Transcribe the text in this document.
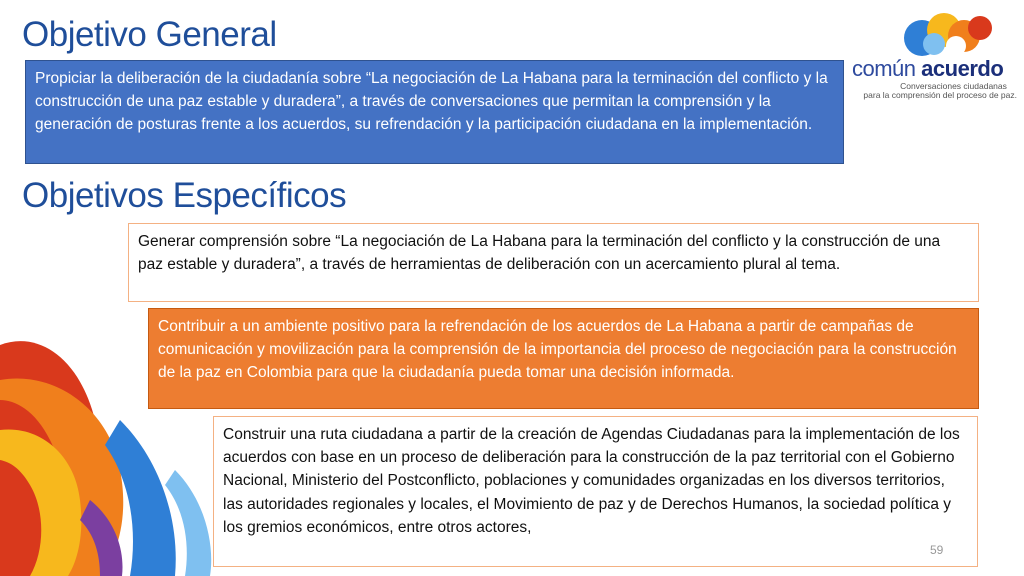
Objetivo General
Propiciar la deliberación de la ciudadanía sobre “La negociación de La Habana para la terminación del conflicto y la construcción de una paz estable y duradera”, a través de conversaciones que permitan la comprensión y la generación de posturas frente a los acuerdos, su refrendación y la participación ciudadana en la implementación.
Objetivos Específicos
Generar comprensión sobre “La negociación de La Habana para la terminación del conflicto y la construcción de una paz estable y duradera”, a través de herramientas de deliberación con un acercamiento plural al tema.
Contribuir a un ambiente positivo para la refrendación de los acuerdos de La Habana a partir de campañas de comunicación y movilización para la comprensión de la importancia del proceso de negociación para la construcción de la paz en Colombia para que la ciudadanía pueda tomar una decisión informada.
Construir una ruta ciudadana a partir de la creación de Agendas Ciudadanas para la implementación de los acuerdos con base en un proceso de deliberación para la construcción de la paz territorial con el Gobierno Nacional, Ministerio del Postconflicto, poblaciones y comunidades organizadas en los diversos territorios, las autoridades regionales y locales, el Movimiento de paz y de Derechos Humanos, la sociedad política y los gremios económicos, entre otros actores,
común acuerdo
Conversaciones ciudadanas
para la comprensión del proceso de paz.
59
